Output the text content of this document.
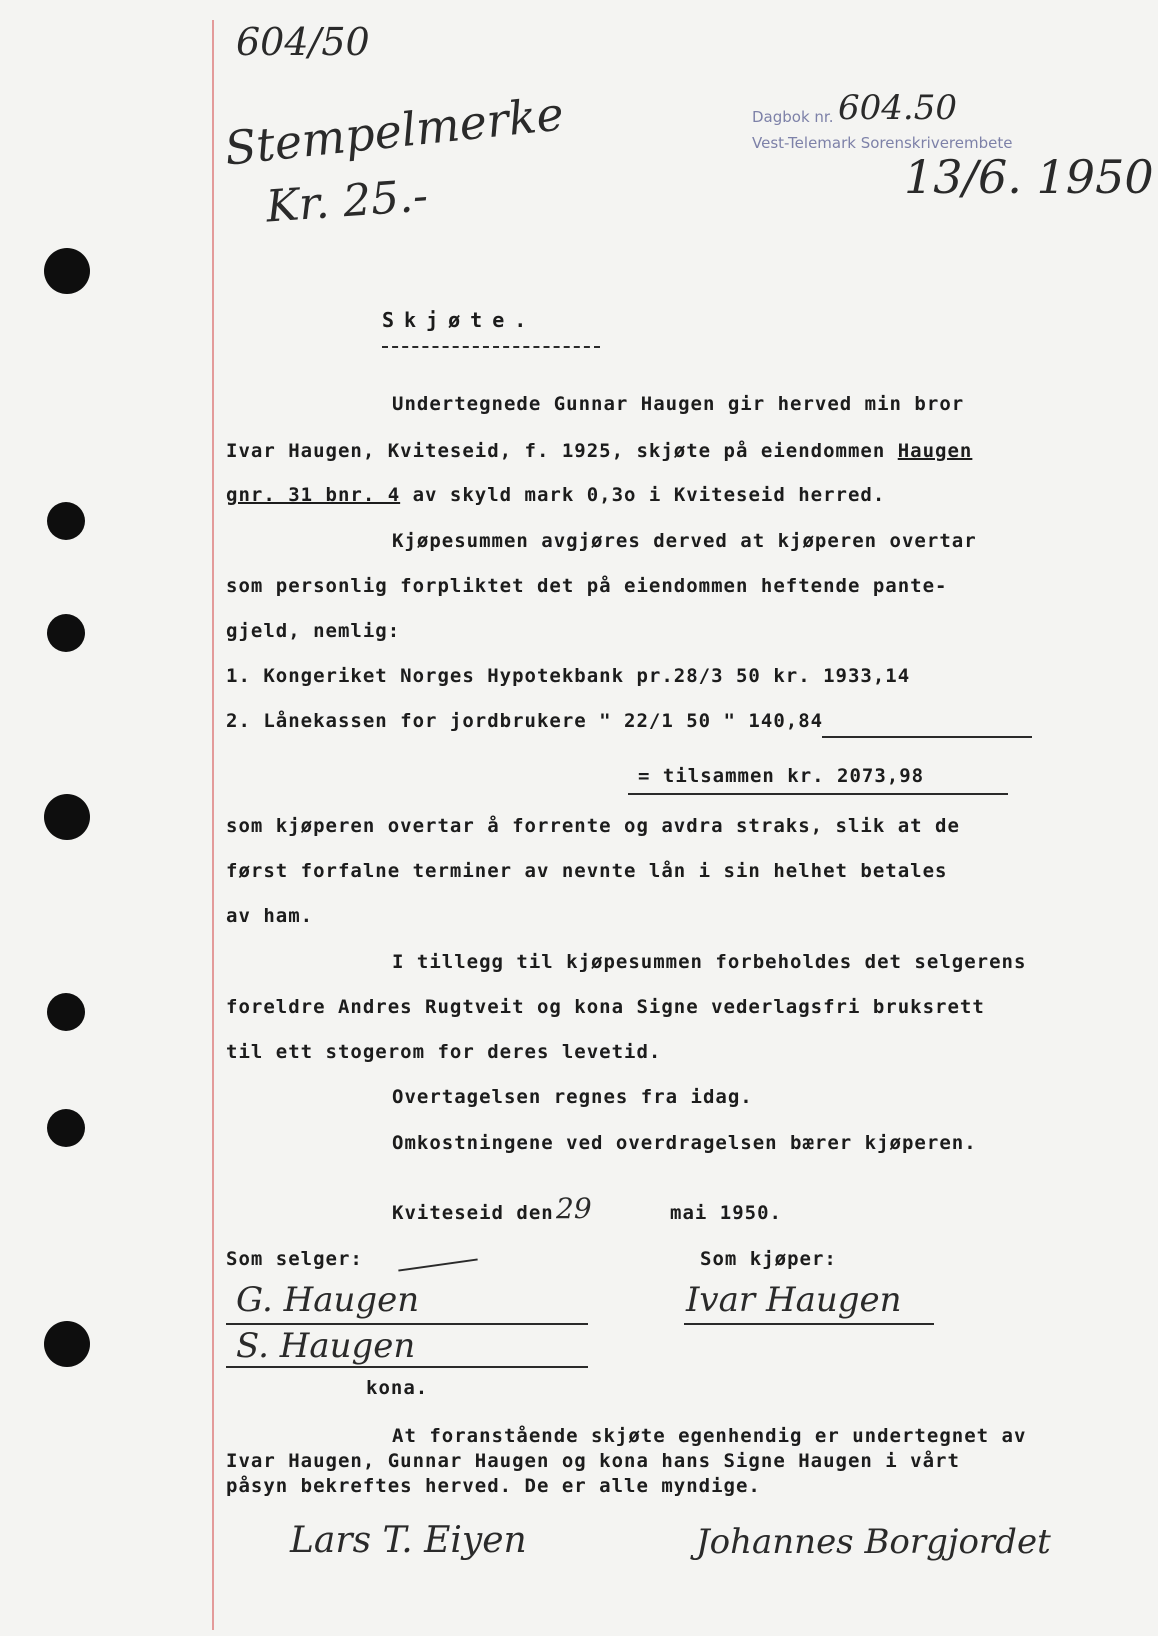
604/50
Stempelmerke
Kr. 25.-
Dagbok nr. 604.50
Vest-Telemark Sorenskriverembete
13/6. 1950
Skjøte.
Undertegnede Gunnar Haugen gir herved min bror
Ivar Haugen, Kviteseid, f. 1925, skjøte på eiendommen Haugen
gnr. 31 bnr. 4 av skyld mark 0,3o i Kviteseid herred.
Kjøpesummen avgjøres derved at kjøperen overtar
som personlig forpliktet det på eiendommen heftende pante-
gjeld, nemlig:
1. Kongeriket Norges Hypotekbank pr.28/3 50 kr. 1933,14
2. Lånekassen for jordbrukere " 22/1 50 " 140,84
= tilsammen kr. 2073,98
som kjøperen overtar å forrente og avdra straks, slik at de
først forfalne terminer av nevnte lån i sin helhet betales
av ham.
I tillegg til kjøpesummen forbeholdes det selgerens
foreldre Andres Rugtveit og kona Signe vederlagsfri bruksrett
til ett stogerom for deres levetid.
Overtagelsen regnes fra idag.
Omkostningene ved overdragelsen bærer kjøperen.
Kviteseid den 29	mai 1950.
Som selger:	Som kjøper:
G. Haugen	Ivar Haugen
S. Haugen
kona.
At foranstående skjøte egenhendig er undertegnet av
Ivar Haugen, Gunnar Haugen og kona hans Signe Haugen i vårt
påsyn bekreftes herved. De er alle myndige.
Lars T. Eiyen	Johannes Borgjordet
